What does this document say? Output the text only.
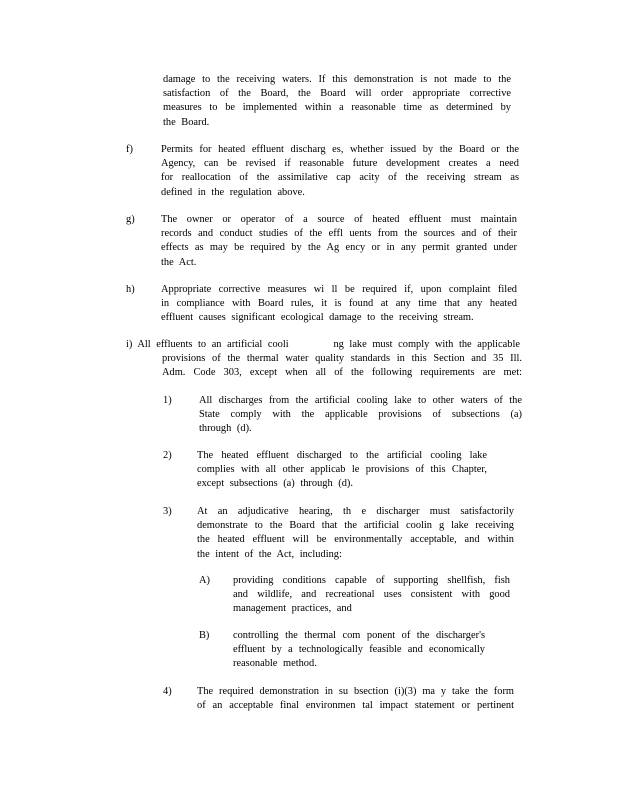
damage to the receiving waters. If this demonstration is not made to the
satisfaction of the Board, the Board will order appropriate corrective
measures to be implemented within a reasonable time as determined by
the Board.
f)	Permits for heated effluent discharg es, whether issued by the Board or the
Agency, can be revised if reasonable future development creates a need
for reallocation of the assimilative cap acity of the receiving stream as
defined in the regulation above.
g)	The owner or operator of a source of heated effluent must maintain
records and conduct studies of the effl uents from the sources and of their
effects as may be required by the Ag ency or in any permit granted under
the Act.
h)	Appropriate corrective measures wi ll be required if, upon complaint filed
in compliance with Board rules, it is found at any time that any heated
effluent causes significant ecological damage to the receiving stream.
i) All effluents to an artificial cooli        ng lake must comply with the applicable
provisions of the thermal water quality standards in this Section and 35 Ill.
Adm. Code 303, except when all of the following requirements are met:
1)	All discharges from the artificial cooling lake to other waters of the
State comply with the applicable provisions of subsections (a)
through (d).
2) The heated effluent discharged to the artificial cooling lake
complies with all other applicab le provisions of this Chapter,
except subsections (a) through (d).
3) At an adjudicative hearing, th e discharger must satisfactorily
demonstrate to the Board that the artificial coolin g lake receiving
the heated effluent will be environmentally acceptable, and within
the intent of the Act, including:
A) providing conditions capable of supporting shellfish, fish
and wildlife, and recreational uses consistent with good
management practices, and
B) controlling the thermal com ponent of the discharger's
effluent by a technologically feasible and economically
reasonable method.
4) The required demonstration in su bsection (i)(3) ma y take the form
of an acceptable final environmen tal impact statement or pertinent
